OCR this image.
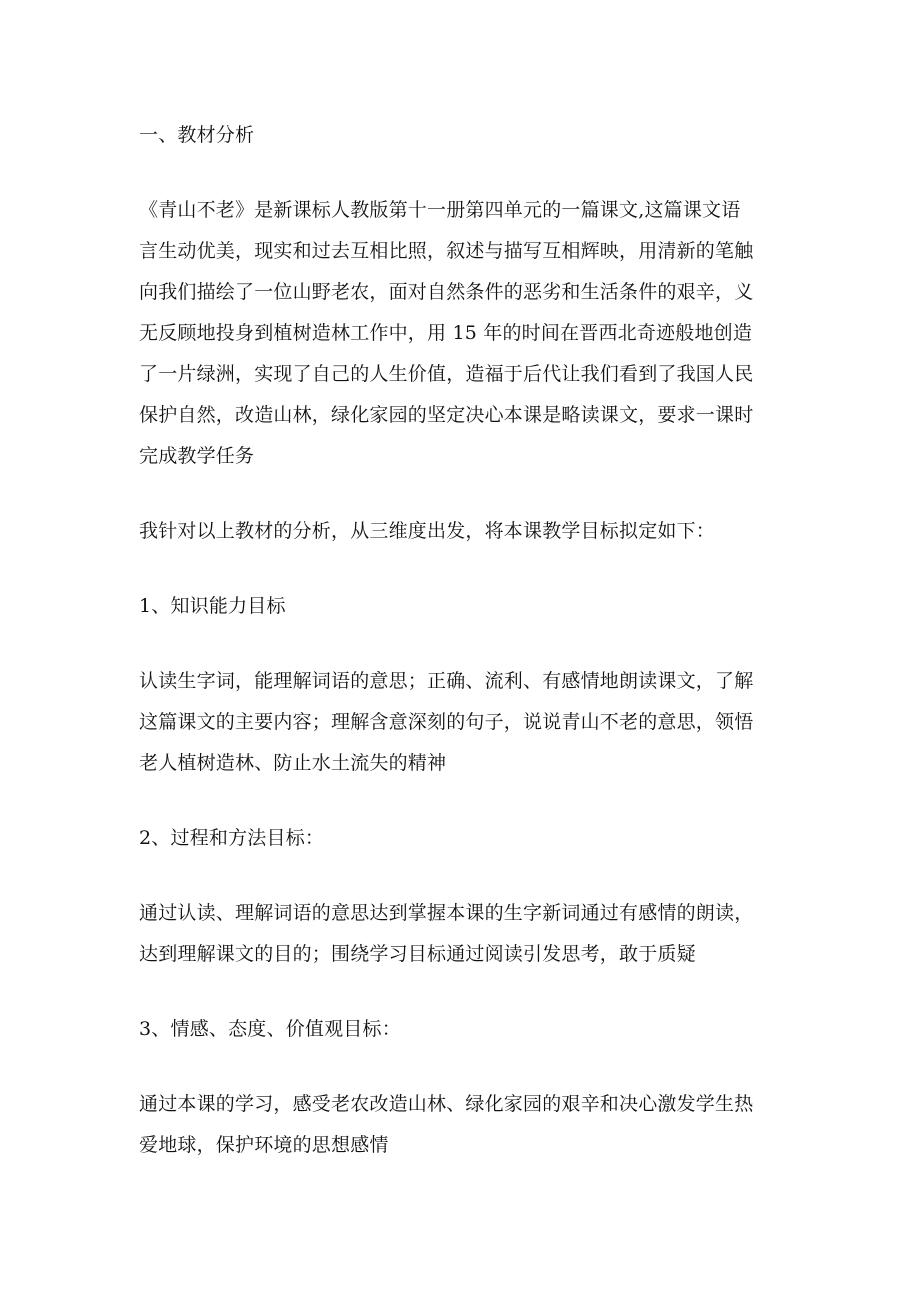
一、教材分析
《青山不老》是新课标人教版第十一册第四单元的一篇课文,这篇课文语
言生动优美，现实和过去互相比照，叙述与描写互相辉映，用清新的笔触
向我们描绘了一位山野老农，面对自然条件的恶劣和生活条件的艰辛，义
无反顾地投身到植树造林工作中，用 15 年的时间在晋西北奇迹般地创造
了一片绿洲，实现了自己的人生价值，造福于后代让我们看到了我国人民
保护自然，改造山林，绿化家园的坚定决心本课是略读课文，要求一课时
完成教学任务
我针对以上教材的分析，从三维度出发，将本课教学目标拟定如下：
1、知识能力目标
认读生字词，能理解词语的意思；正确、流利、有感情地朗读课文，了解
这篇课文的主要内容；理解含意深刻的句子，说说青山不老的意思，领悟
老人植树造林、防止水土流失的精神
2、过程和方法目标：
通过认读、理解词语的意思达到掌握本课的生字新词通过有感情的朗读，
达到理解课文的目的；围绕学习目标通过阅读引发思考，敢于质疑
3、情感、态度、价值观目标：
通过本课的学习，感受老农改造山林、绿化家园的艰辛和决心激发学生热
爱地球，保护环境的思想感情
